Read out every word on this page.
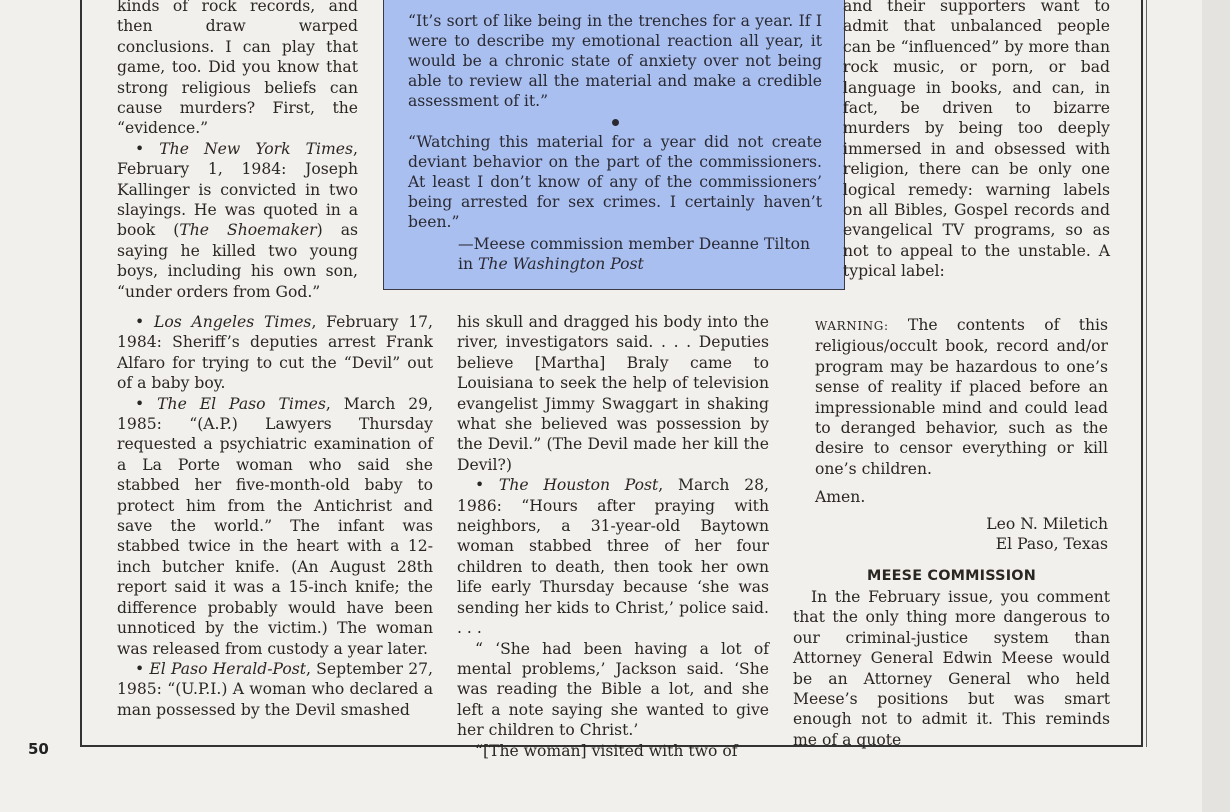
kinds of rock records, and then draw warped conclusions. I can play that game, too. Did you know that strong religious beliefs can cause murders? First, the “evidence.”

• The New York Times, February 1, 1984: Joseph Kallinger is convicted in two slayings. He was quoted in a book (The Shoemaker) as saying he killed two young boys, including his own son, “under orders from God.”

“It’s sort of like being in the trenches for a year. If I were to describe my emotional reaction all year, it would be a chronic state of anxiety over not being able to review all the material and make a credible assessment of it.”

“Watching this material for a year did not create deviant behavior on the part of the commissioners. At least I don’t know of any of the commissioners’ being arrested for sex crimes. I certainly haven’t been.”

—Meese commission member Deanne Tilton
in The Washington Post

• Los Angeles Times, February 17, 1984: Sheriff’s deputies arrest Frank Alfaro for trying to cut the “Devil” out of a baby boy.

• The El Paso Times, March 29, 1985: “(A.P.) Lawyers Thursday requested a psychiatric examination of a La Porte woman who said she stabbed her five-month-old baby to protect him from the Antichrist and save the world.” The infant was stabbed twice in the heart with a 12-inch butcher knife. (An August 28th report said it was a 15-inch knife; the difference probably would have been unnoticed by the victim.) The woman was released from custody a year later.

• El Paso Herald-Post, September 27, 1985: “(U.P.I.) A woman who declared a man possessed by the Devil smashed

his skull and dragged his body into the river, investigators said. . . . Deputies believe [Martha] Braly came to Louisiana to seek the help of television evangelist Jimmy Swaggart in shaking what she believed was possession by the Devil.” (The Devil made her kill the Devil?)

• The Houston Post, March 28, 1986: “Hours after praying with neighbors, a 31-year-old Baytown woman stabbed three of her four children to death, then took her own life early Thursday because ‘she was sending her kids to Christ,’ police said. . . .

“ ‘She had been having a lot of mental problems,’ Jackson said. ‘She was reading the Bible a lot, and she left a note saying she wanted to give her children to Christ.’

“[The woman] visited with two of

and their supporters want to admit that unbalanced people can be “influenced” by more than rock music, or porn, or bad language in books, and can, in fact, be driven to bizarre murders by being too deeply immersed in and obsessed with religion, there can be only one logical remedy: warning labels on all Bibles, Gospel records and evangelical TV programs, so as not to appeal to the unstable. A typical label:

WARNING: The contents of this religious/occult book, record and/or program may be hazardous to one’s sense of reality if placed before an impressionable mind and could lead to deranged behavior, such as the desire to censor everything or kill one’s children.

Amen.

Leo N. Miletich

El Paso, Texas

MEESE COMMISSION

In the February issue, you comment that the only thing more dangerous to our criminal-justice system than Attorney General Edwin Meese would be an Attorney General who held Meese’s positions but was smart enough not to admit it. This reminds me of a quote

50
